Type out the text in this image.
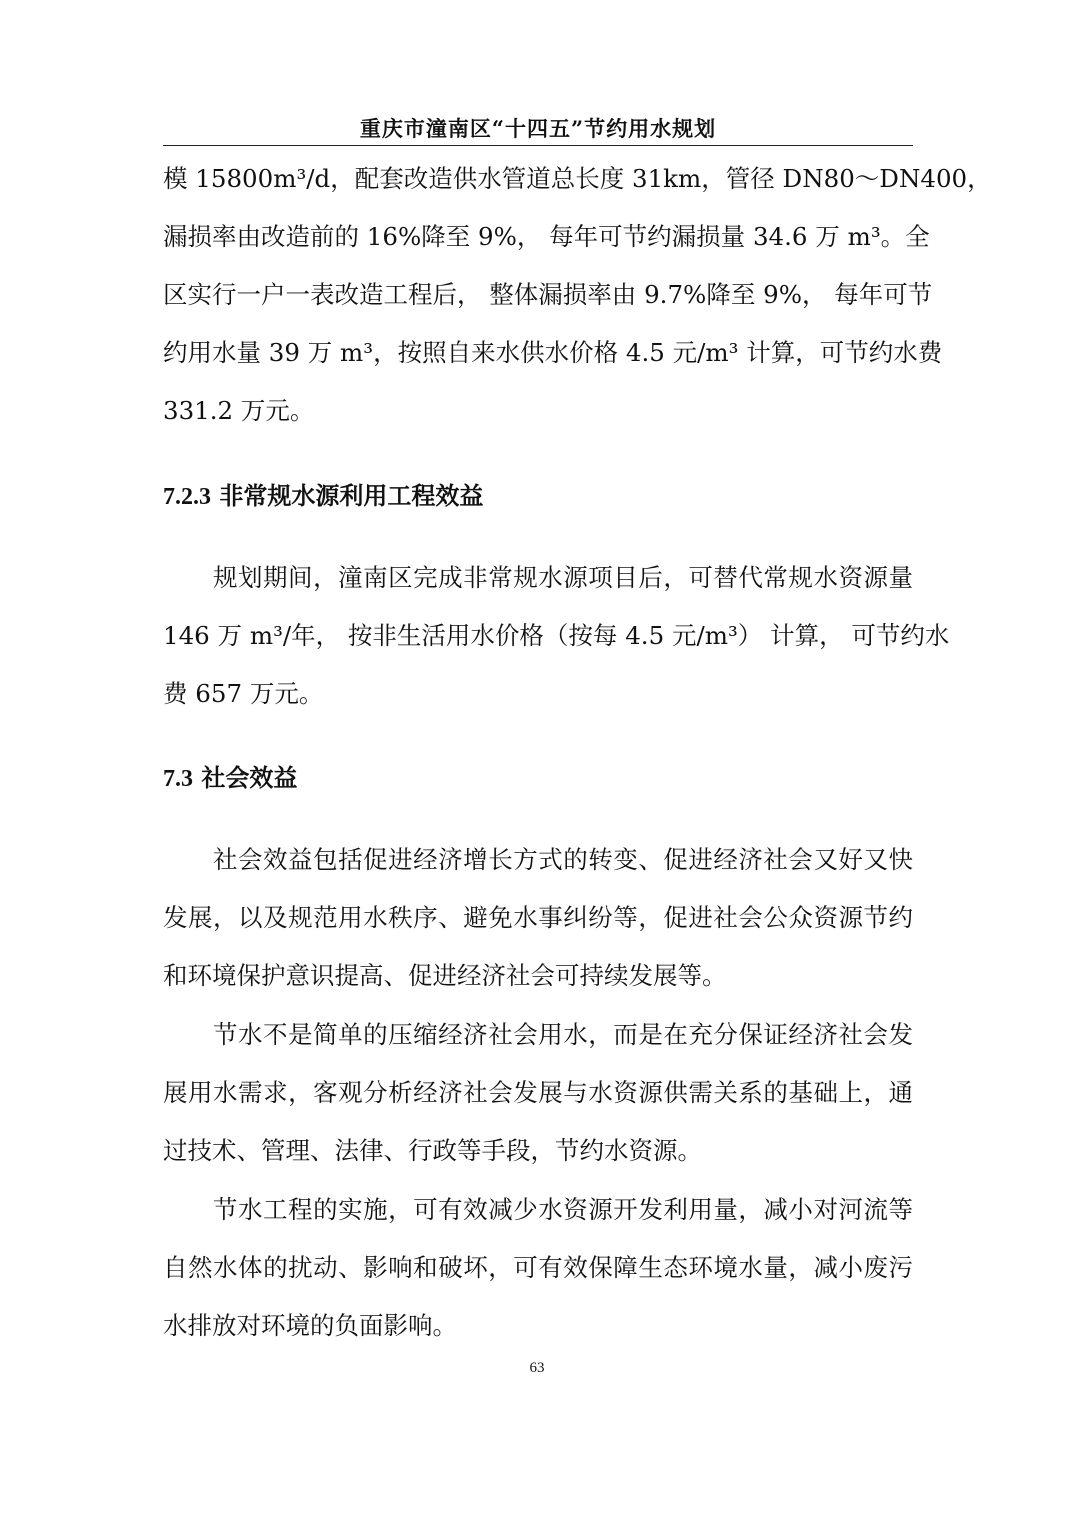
重庆市潼南区“十四五”节约用水规划
模 15800m³/d，配套改造供水管道总长度 31km，管径 DN80～DN400，
漏损率由改造前的 16%降至 9%， 每年可节约漏损量 34.6 万 m³。全
区实行一户一表改造工程后， 整体漏损率由 9.7%降至 9%， 每年可节
约用水量 39 万 m³，按照自来水供水价格 4.5 元/m³ 计算，可节约水费
331.2 万元。
7.2.3 非常规水源利用工程效益
规划期间，潼南区完成非常规水源项目后，可替代常规水资源量
146 万 m³/年， 按非生活用水价格（按每 4.5 元/m³） 计算， 可节约水
费 657 万元。
7.3 社会效益
社会效益包括促进经济增长方式的转变、促进经济社会又好又快
发展，以及规范用水秩序、避免水事纠纷等，促进社会公众资源节约
和环境保护意识提高、促进经济社会可持续发展等。
节水不是简单的压缩经济社会用水，而是在充分保证经济社会发
展用水需求，客观分析经济社会发展与水资源供需关系的基础上，通
过技术、管理、法律、行政等手段，节约水资源。
节水工程的实施，可有效减少水资源开发利用量，减小对河流等
自然水体的扰动、影响和破坏，可有效保障生态环境水量，减小废污
水排放对环境的负面影响。
63
